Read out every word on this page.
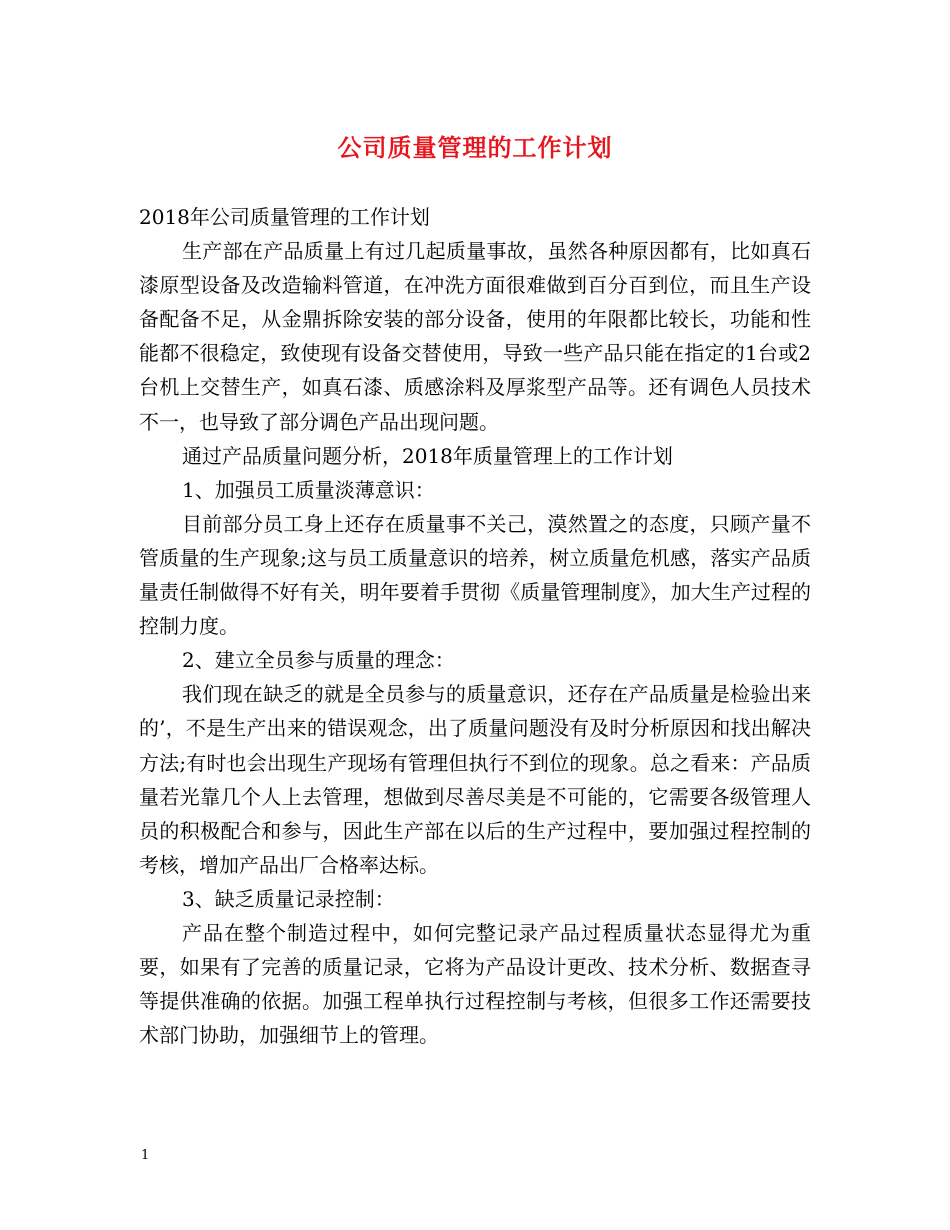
公司质量管理的工作计划

2018年公司质量管理的工作计划

生产部在产品质量上有过几起质量事故，虽然各种原因都有，比如真石漆原型设备及改造输料管道，在冲洗方面很难做到百分百到位，而且生产设备配备不足，从金鼎拆除安装的部分设备，使用的年限都比较长，功能和性能都不很稳定，致使现有设备交替使用，导致一些产品只能在指定的1台或2台机上交替生产，如真石漆、质感涂料及厚浆型产品等。还有调色人员技术不一，也导致了部分调色产品出现问题。

通过产品质量问题分析，2018年质量管理上的工作计划

1、加强员工质量淡薄意识：

目前部分员工身上还存在质量事不关己，漠然置之的态度，只顾产量不管质量的生产现象;这与员工质量意识的培养，树立质量危机感，落实产品质量责任制做得不好有关，明年要着手贯彻《质量管理制度》，加大生产过程的控制力度。

2、建立全员参与质量的理念：

我们现在缺乏的就是全员参与的质量意识，还存在产品质量是检验出来的’，不是生产出来的错误观念，出了质量问题没有及时分析原因和找出解决方法;有时也会出现生产现场有管理但执行不到位的现象。总之看来：产品质量若光靠几个人上去管理，想做到尽善尽美是不可能的，它需要各级管理人员的积极配合和参与，因此生产部在以后的生产过程中，要加强过程控制的考核，增加产品出厂合格率达标。

3、缺乏质量记录控制：

产品在整个制造过程中，如何完整记录产品过程质量状态显得尤为重要，如果有了完善的质量记录，它将为产品设计更改、技术分析、数据查寻等提供准确的依据。加强工程单执行过程控制与考核，但很多工作还需要技术部门协助，加强细节上的管理。

1
